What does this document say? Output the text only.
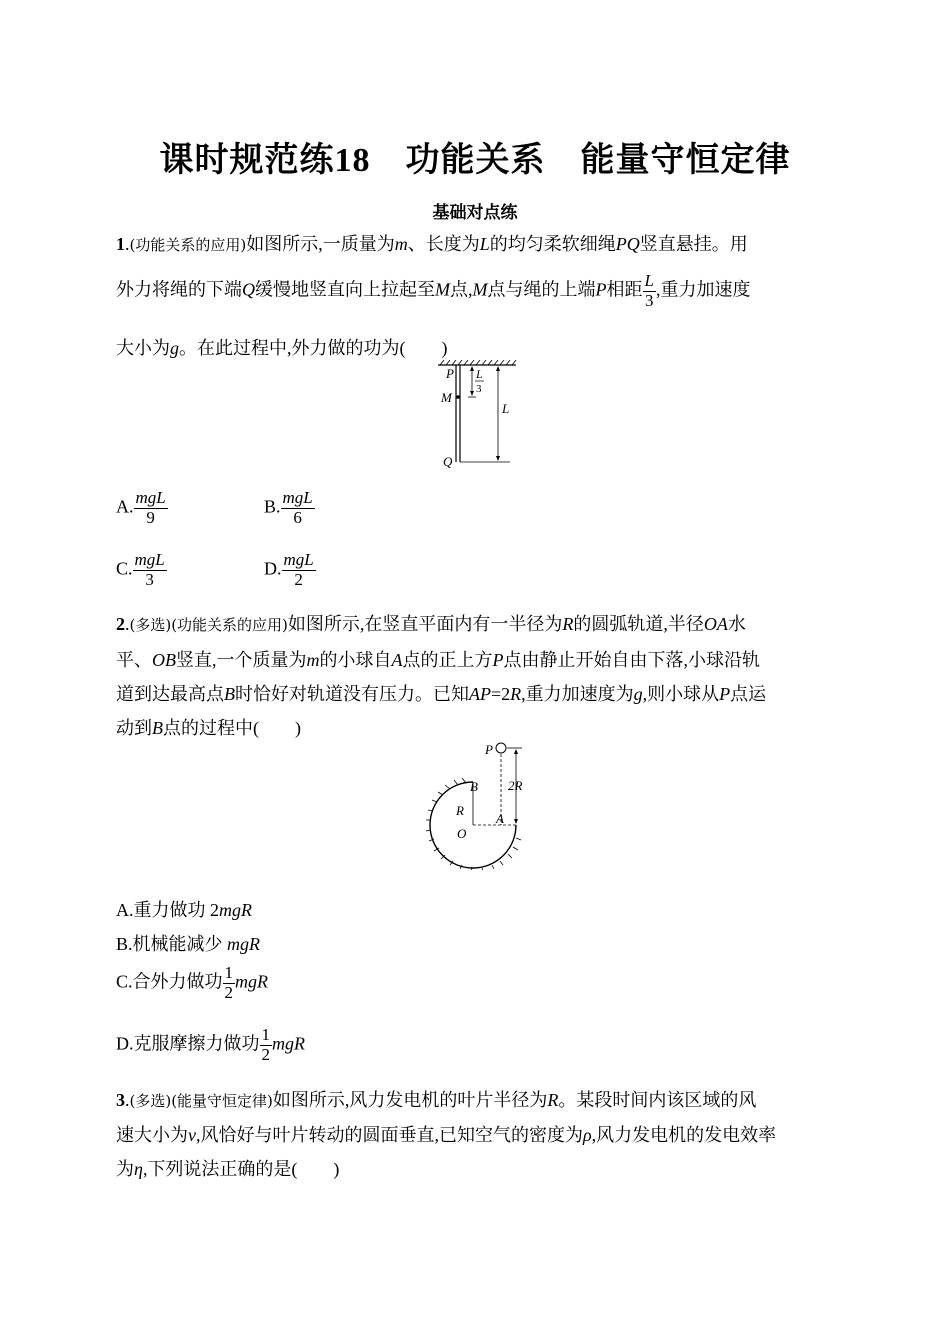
课时规范练18　功能关系　能量守恒定律
基础对点练
1.(功能关系的应用)如图所示,一质量为m、长度为L的均匀柔软细绳PQ竖直悬挂。用
外力将绳的下端Q缓慢地竖直向上拉起至M点,M点与绳的上端P相距 $\frac{L}{3}$ ,重力加速度
大小为g。在此过程中,外力做的功为(　　)
P
M
Q
L
L
3
A. $\frac{\text{mgL}}{9}$	B. $\frac{\text{mgL}}{6}$
C. $\frac{\text{mgL}}{3}$	D. $\frac{\text{mgL}}{2}$
2.(多选)(功能关系的应用)如图所示,在竖直平面内有一半径为R的圆弧轨道,半径OA水
平、OB竖直,一个质量为m的小球自A点的正上方P点由静止开始自由下落,小球沿轨
道到达最高点B时恰好对轨道没有压力。已知AP=2R,重力加速度为g,则小球从P点运
动到B点的过程中(　　)
P
B
R
O
A
2R
A.重力做功 2mgR
B.机械能减少 mgR
C.合外力做功 $\frac{1}{2}$ mgR
D.克服摩擦力做功 $\frac{1}{2}$ mgR
3.(多选)(能量守恒定律)如图所示,风力发电机的叶片半径为R。某段时间内该区域的风
速大小为v,风恰好与叶片转动的圆面垂直,已知空气的密度为ρ,风力发电机的发电效率
为η,下列说法正确的是(　　)
